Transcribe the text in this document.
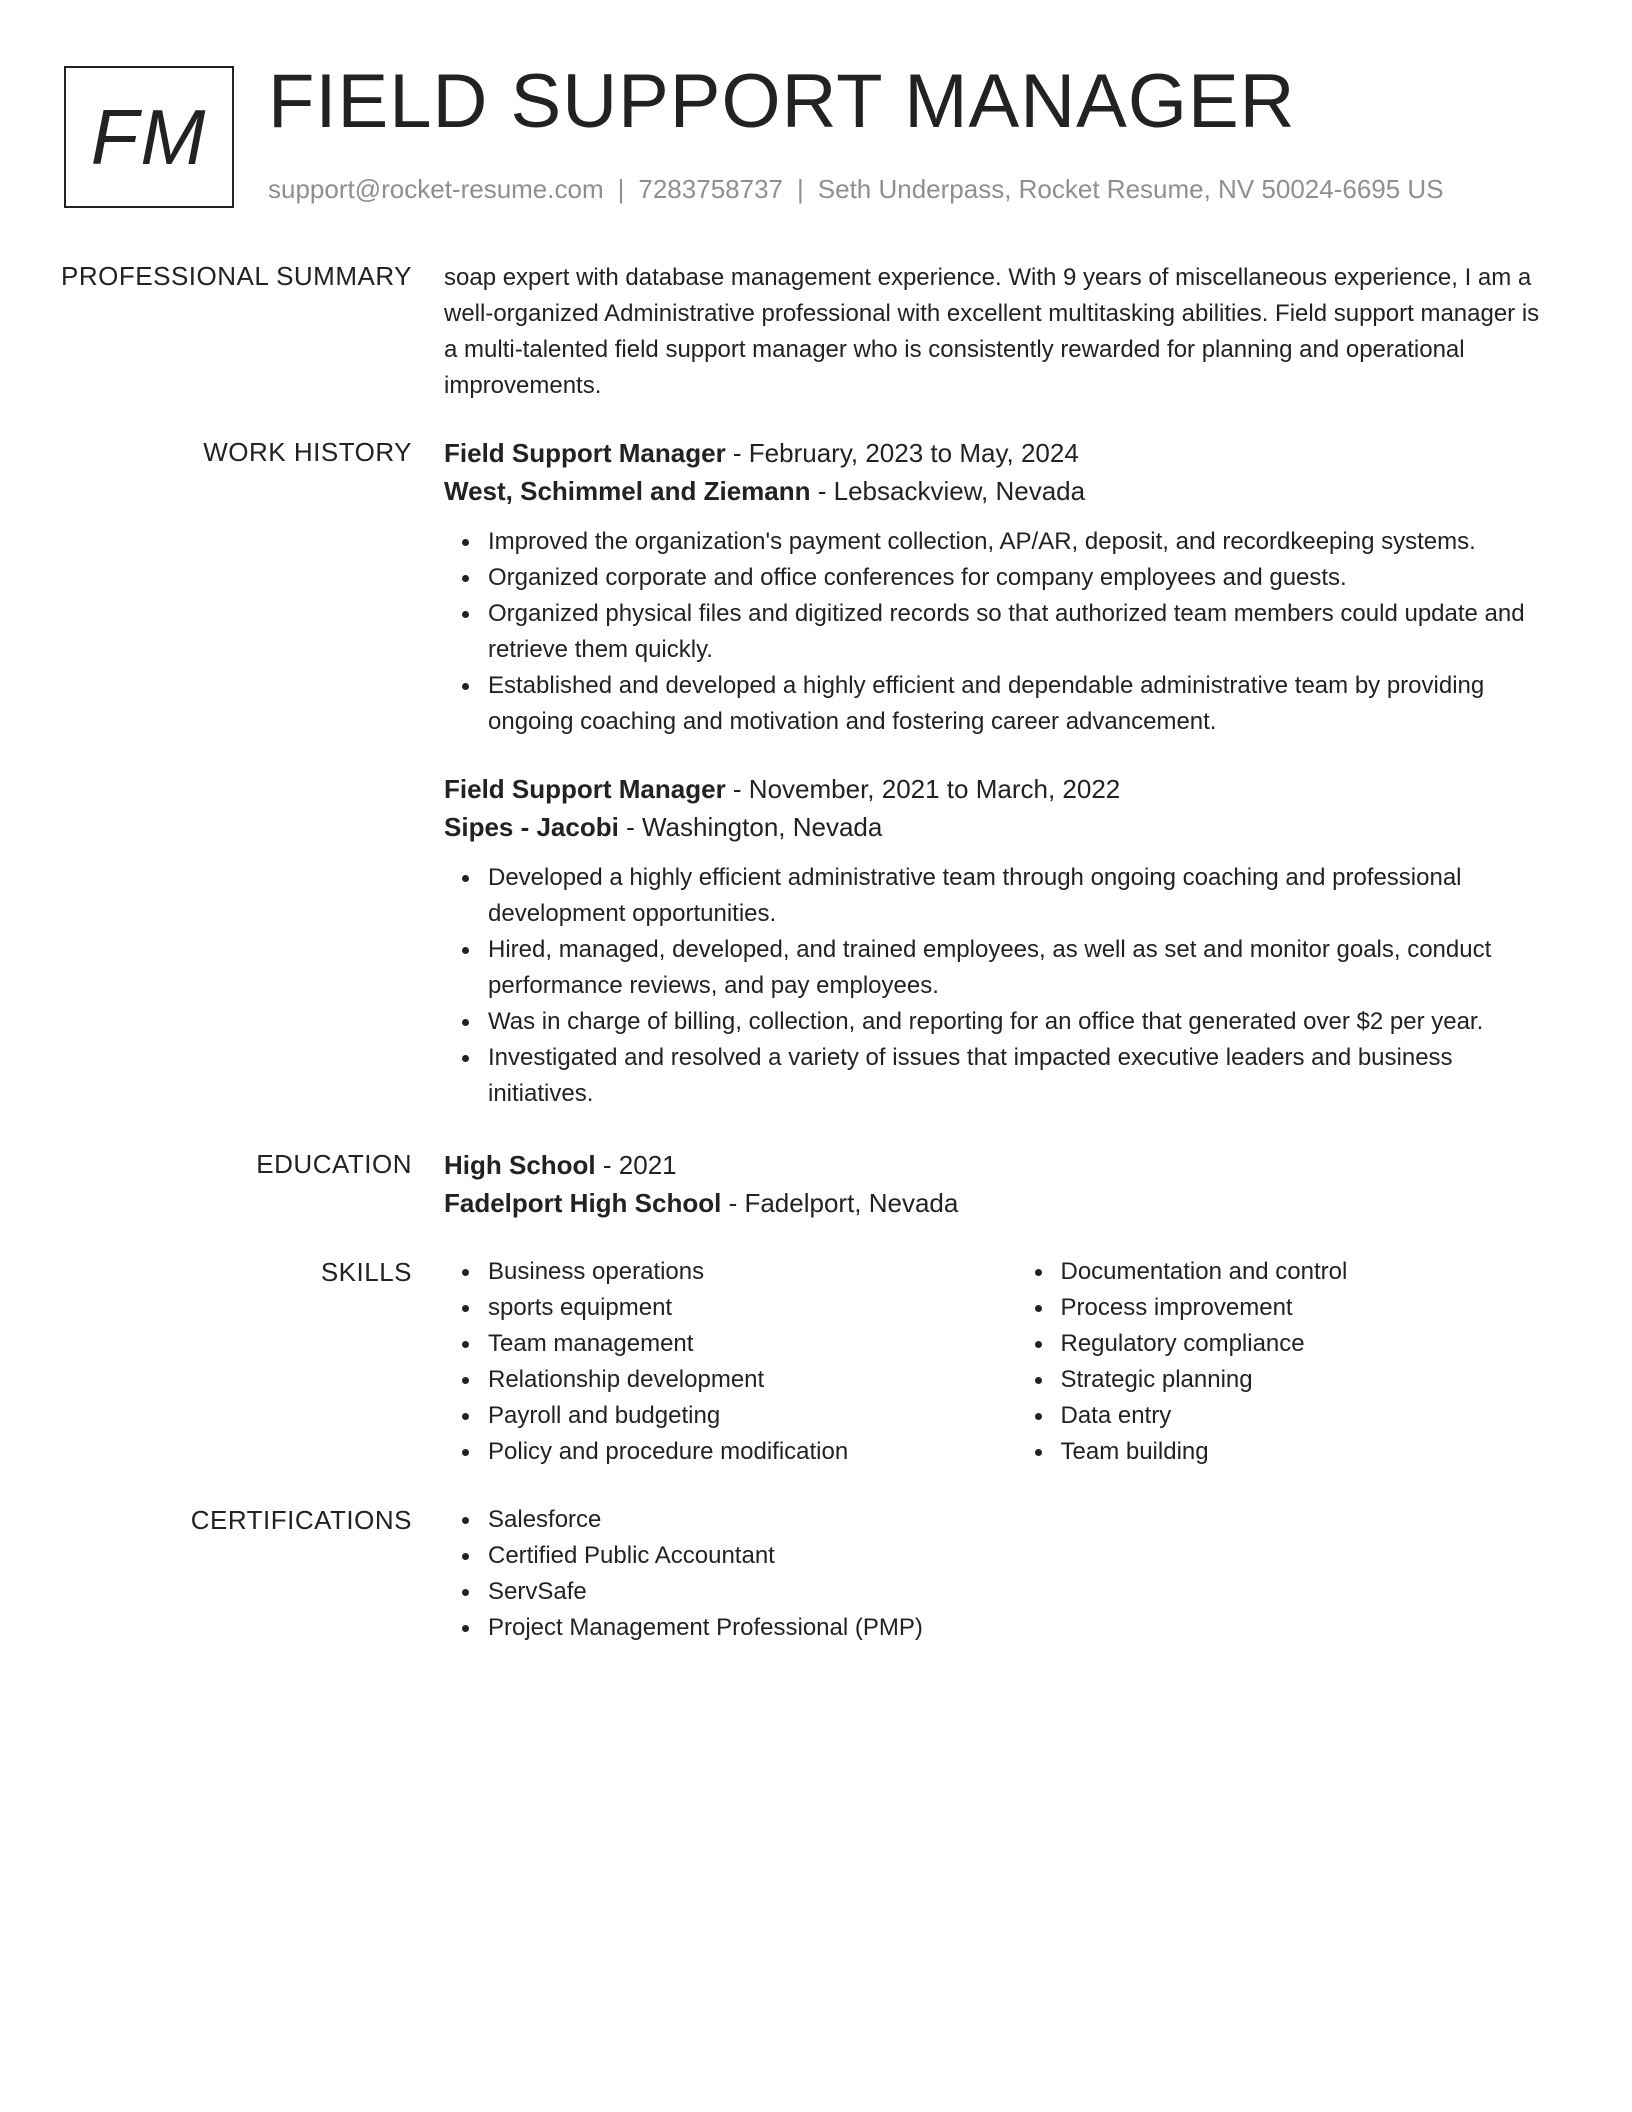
FM FIELD SUPPORT MANAGER
support@rocket-resume.com | 7283758737 | Seth Underpass, Rocket Resume, NV 50024-6695 US
PROFESSIONAL SUMMARY soap expert with database management experience. With 9 years of miscellaneous experience, I am a well-organized Administrative professional with excellent multitasking abilities. Field support manager is a multi-talented field support manager who is consistently rewarded for planning and operational improvements.

WORK HISTORY Field Support Manager - February, 2023 to May, 2024
West, Schimmel and Ziemann - Lebsackview, Nevada
Improved the organization's payment collection, AP/AR, deposit, and recordkeeping systems.
Organized corporate and office conferences for company employees and guests.
Organized physical files and digitized records so that authorized team members could update and retrieve them quickly.
Established and developed a highly efficient and dependable administrative team by providing ongoing coaching and motivation and fostering career advancement.
Field Support Manager - November, 2021 to March, 2022
Sipes - Jacobi - Washington, Nevada
Developed a highly efficient administrative team through ongoing coaching and professional development opportunities.
Hired, managed, developed, and trained employees, as well as set and monitor goals, conduct performance reviews, and pay employees.
Was in charge of billing, collection, and reporting for an office that generated over $2 per year.
Investigated and resolved a variety of issues that impacted executive leaders and business initiatives.
EDUCATION High School - 2021
Fadelport High School - Fadelport, Nevada
SKILLS	Business operations
sports equipment
Team management
Relationship development
Payroll and budgeting
Policy and procedure modification
Documentation and control
Process improvement
Regulatory compliance
Strategic planning
Data entry
Team building
CERTIFICATIONS	Salesforce
Certified Public Accountant
ServSafe
Project Management Professional (PMP)
